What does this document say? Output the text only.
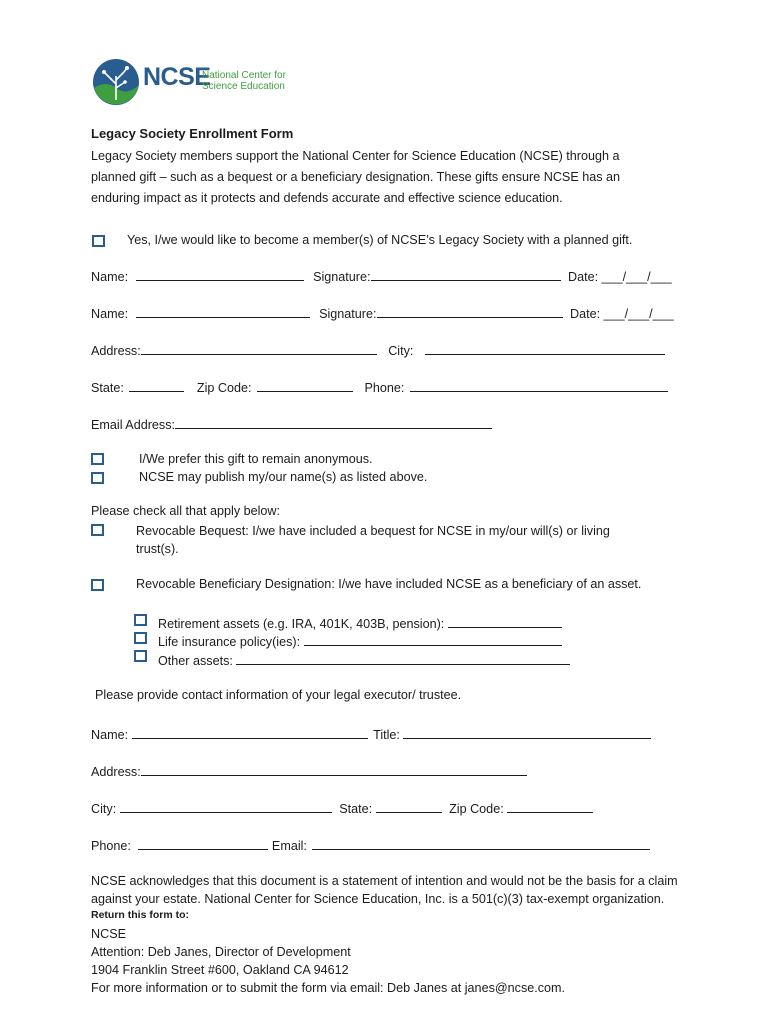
NCSE
National Center for
Science Education
Legacy Society Enrollment Form
Legacy Society members support the National Center for Science Education (NCSE) through a
planned gift – such as a bequest or a beneficiary designation. These gifts ensure NCSE has an
enduring impact as it protects and defends accurate and effective science education.
Yes, I/we would like to become a member(s) of NCSE’s Legacy Society with a planned gift.
Name:	Signature:	Date: ___/___/___
Name:	Signature:	Date: ___/___/___
Address:	City:
State:	Zip Code:	Phone:
Email Address:
I/We prefer this gift to remain anonymous.
NCSE may publish my/our name(s) as listed above.
Please check all that apply below:
Revocable Bequest: I/we have included a bequest for NCSE in my/our will(s) or living
trust(s).
Revocable Beneficiary Designation: I/we have included NCSE as a beneficiary of an asset.
Retirement assets (e.g. IRA, 401K, 403B, pension):
Life insurance policy(ies):
Other assets:
Please provide contact information of your legal executor/ trustee.
Name:	Title:
Address:
City:	State:	Zip Code:
Phone:	Email:
NCSE acknowledges that this document is a statement of intention and would not be the basis for a claim
against your estate. National Center for Science Education, Inc. is a 501(c)(3) tax-exempt organization.
Return this form to:
NCSE
Attention: Deb Janes, Director of Development
1904 Franklin Street #600, Oakland CA 94612
For more information or to submit the form via email: Deb Janes at janes@ncse.com.
